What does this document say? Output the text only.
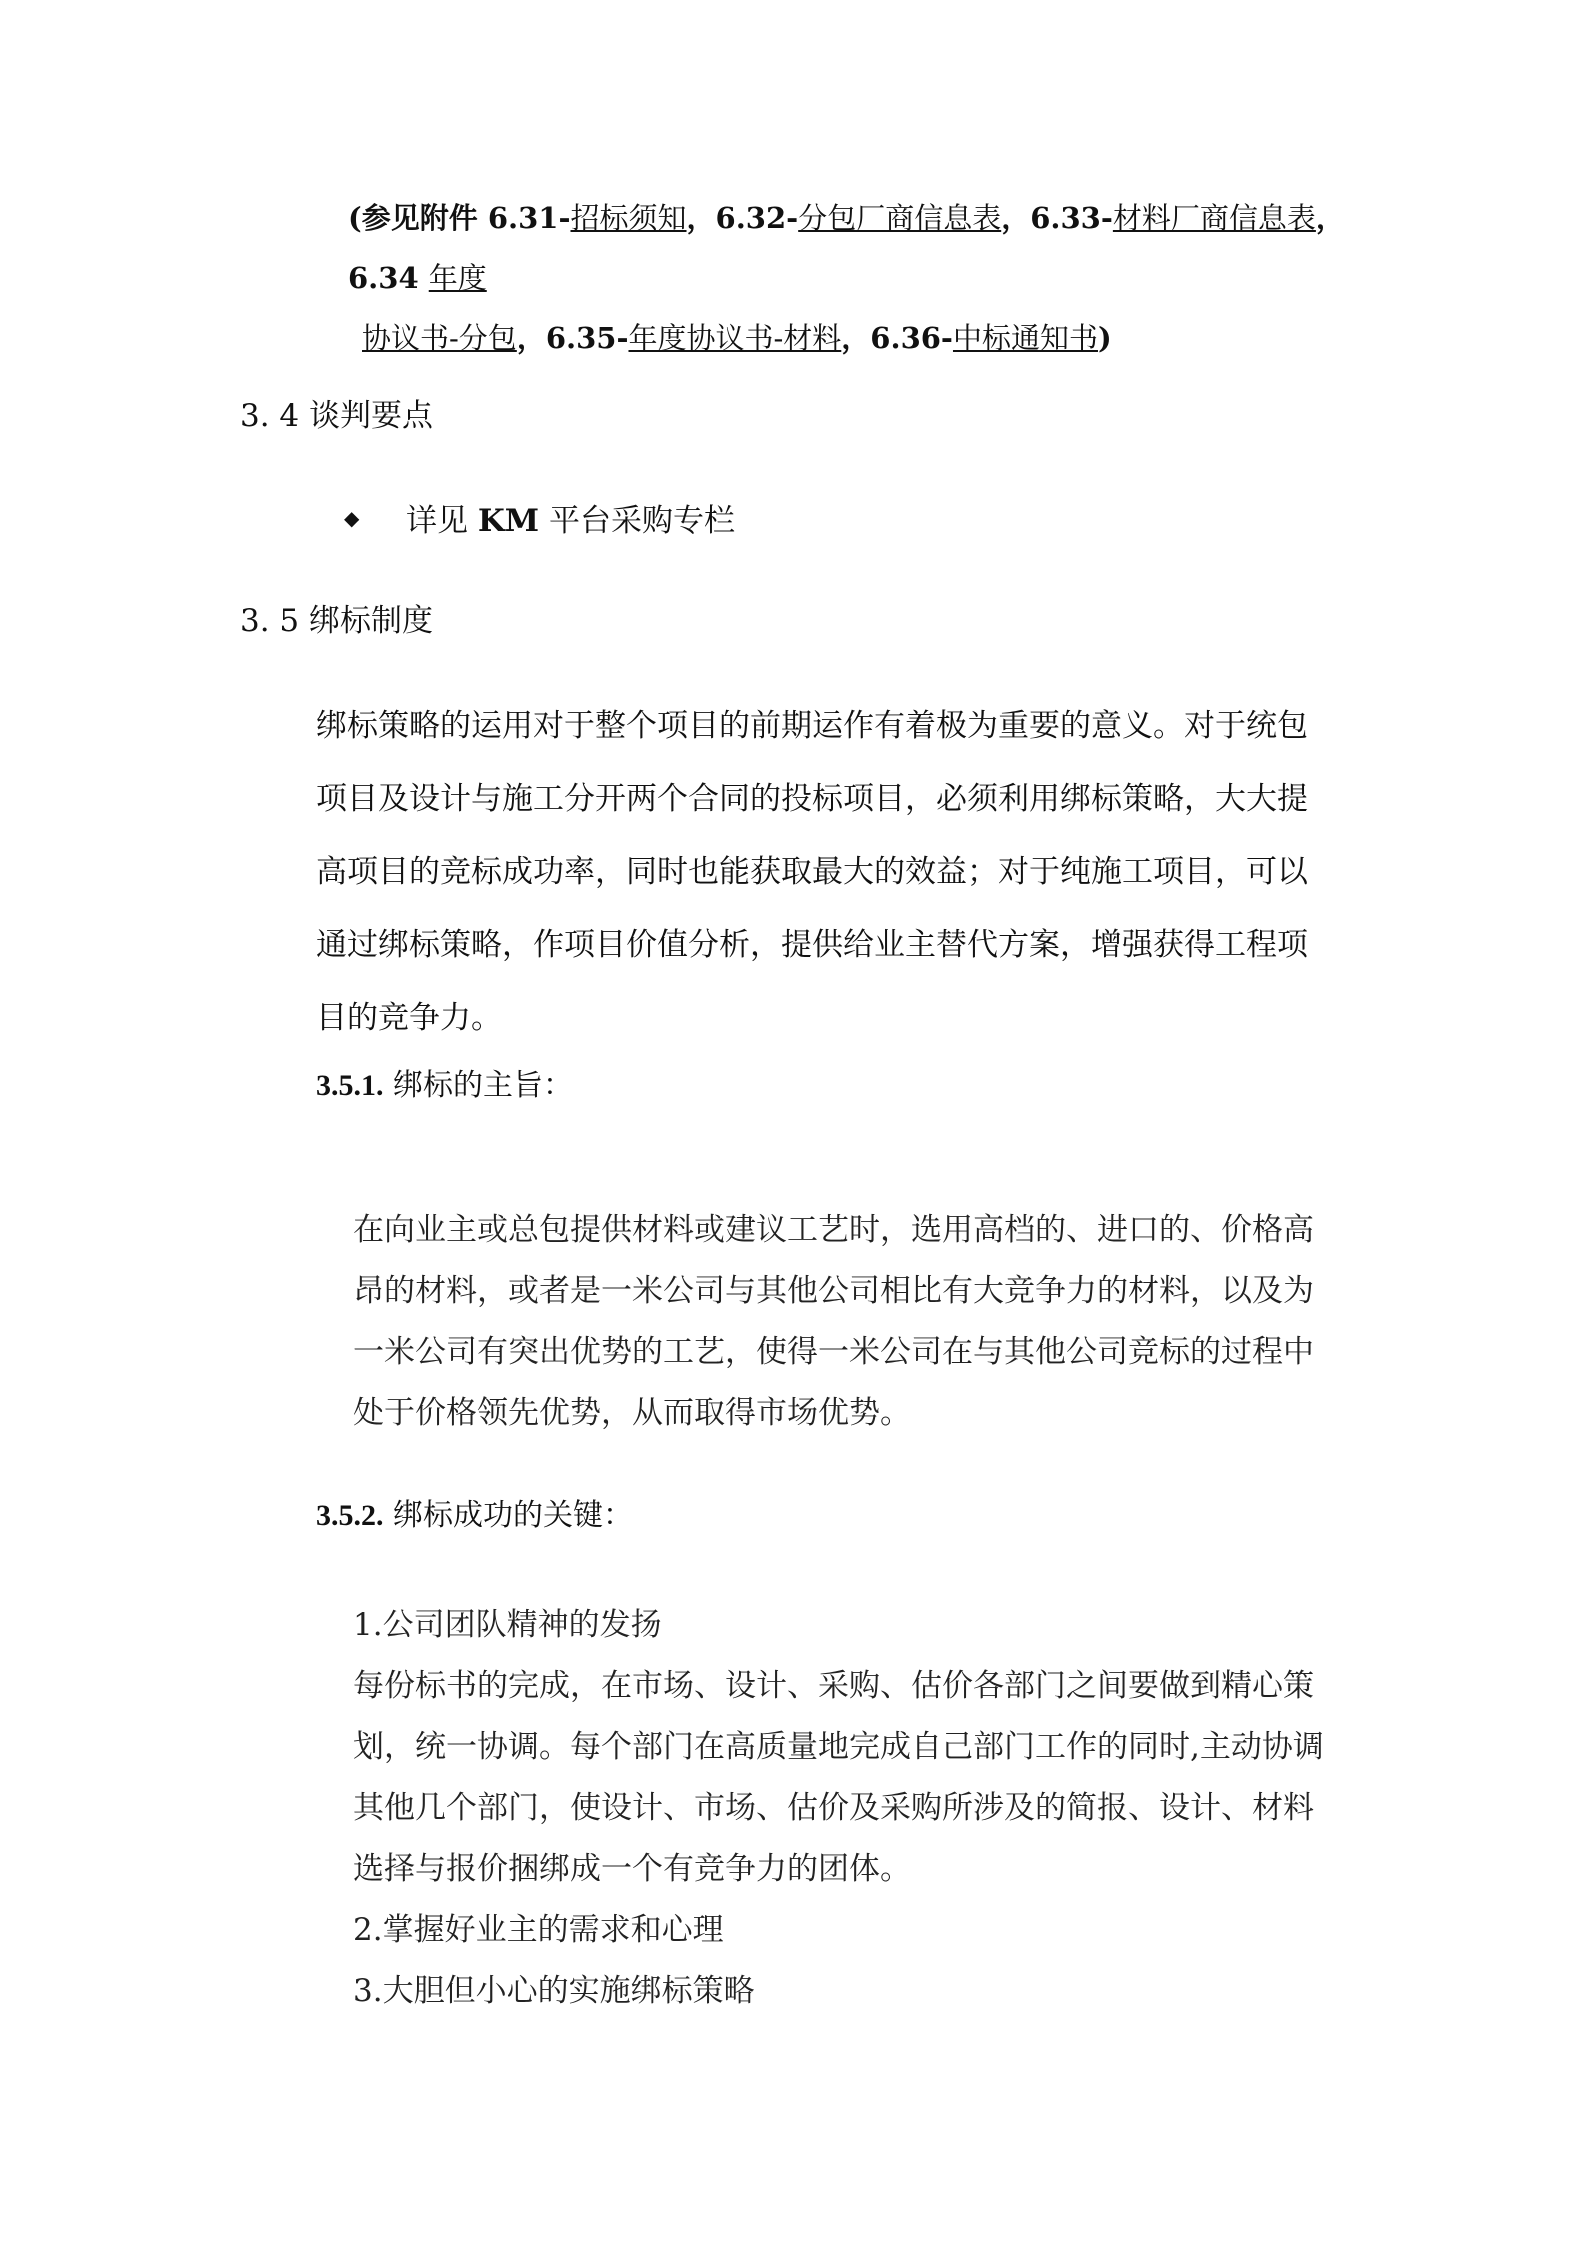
(参见附件 6.31-招标须知，6.32-分包厂商信息表，6.33-材料厂商信息表，6.34 年度
协议书-分包，6.35-年度协议书-材料，6.36-中标通知书)
3. 4 谈判要点
◆	详见 KM 平台采购专栏
3. 5 绑标制度
绑标策略的运用对于整个项目的前期运作有着极为重要的意义。对于统包
项目及设计与施工分开两个合同的投标项目，必须利用绑标策略，大大提
高项目的竞标成功率，同时也能获取最大的效益；对于纯施工项目，可以
通过绑标策略，作项目价值分析，提供给业主替代方案，增强获得工程项
目的竞争力。
3.5.1. 绑标的主旨：
在向业主或总包提供材料或建议工艺时，选用高档的、进口的、价格高
昂的材料，或者是一米公司与其他公司相比有大竞争力的材料，以及为
一米公司有突出优势的工艺，使得一米公司在与其他公司竞标的过程中
处于价格领先优势，从而取得市场优势。
3.5.2. 绑标成功的关键：
1.公司团队精神的发扬
每份标书的完成，在市场、设计、采购、估价各部门之间要做到精心策
划，统一协调。每个部门在高质量地完成自己部门工作的同时,主动协调
其他几个部门，使设计、市场、估价及采购所涉及的简报、设计、材料
选择与报价捆绑成一个有竞争力的团体。
2.掌握好业主的需求和心理
3.大胆但小心的实施绑标策略
